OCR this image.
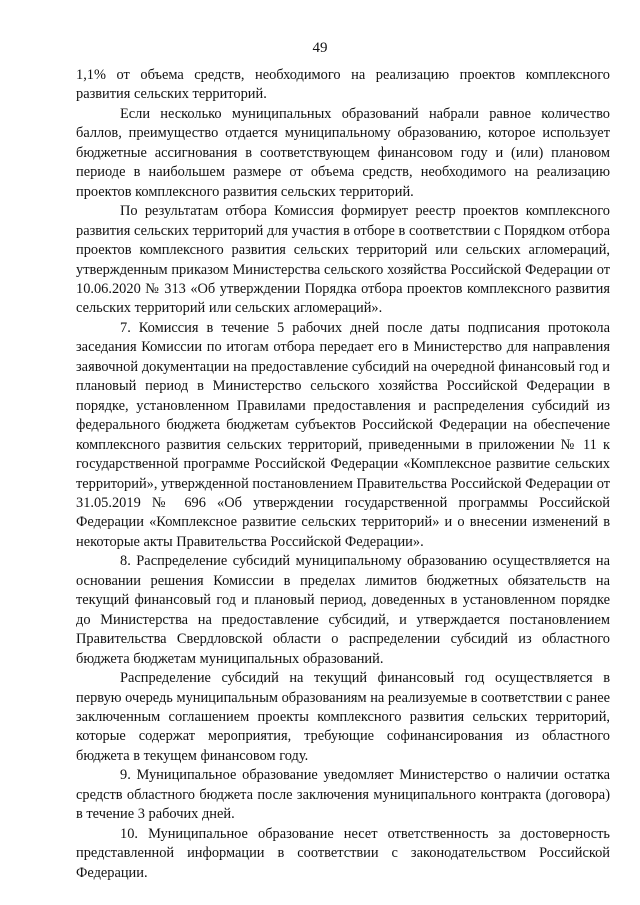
49

1,1% от объема средств, необходимого на реализацию проектов комплексного развития сельских территорий.

Если несколько муниципальных образований набрали равное количество баллов, преимущество отдается муниципальному образованию, которое использует бюджетные ассигнования в соответствующем финансовом году и (или) плановом периоде в наибольшем размере от объема средств, необходимого на реализацию проектов комплексного развития сельских территорий.

По результатам отбора Комиссия формирует реестр проектов комплексного развития сельских территорий для участия в отборе в соответствии с Порядком отбора проектов комплексного развития сельских территорий или сельских агломераций, утвержденным приказом Министерства сельского хозяйства Российской Федерации от 10.06.2020 № 313 «Об утверждении Порядка отбора проектов комплексного развития сельских территорий или сельских агломераций».

7. Комиссия в течение 5 рабочих дней после даты подписания протокола заседания Комиссии по итогам отбора передает его в Министерство для направления заявочной документации на предоставление субсидий на очередной финансовый год и плановый период в Министерство сельского хозяйства Российской Федерации в порядке, установленном Правилами предоставления и распределения субсидий из федерального бюджета бюджетам субъектов Российской Федерации на обеспечение комплексного развития сельских территорий, приведенными в приложении № 11 к государственной программе Российской Федерации «Комплексное развитие сельских территорий», утвержденной постановлением Правительства Российской Федерации от 31.05.2019 № 696 «Об утверждении государственной программы Российской Федерации «Комплексное развитие сельских территорий» и о внесении изменений в некоторые акты Правительства Российской Федерации».

8. Распределение субсидий муниципальному образованию осуществляется на основании решения Комиссии в пределах лимитов бюджетных обязательств на текущий финансовый год и плановый период, доведенных в установленном порядке до Министерства на предоставление субсидий, и утверждается постановлением Правительства Свердловской области о распределении субсидий из областного бюджета бюджетам муниципальных образований.

Распределение субсидий на текущий финансовый год осуществляется в первую очередь муниципальным образованиям на реализуемые в соответствии с ранее заключенным соглашением проекты комплексного развития сельских территорий, которые содержат мероприятия, требующие софинансирования из областного бюджета в текущем финансовом году.

9. Муниципальное образование уведомляет Министерство о наличии остатка средств областного бюджета после заключения муниципального контракта (договора) в течение 3 рабочих дней.

10. Муниципальное образование несет ответственность за достоверность представленной информации в соответствии с законодательством Российской Федерации.
